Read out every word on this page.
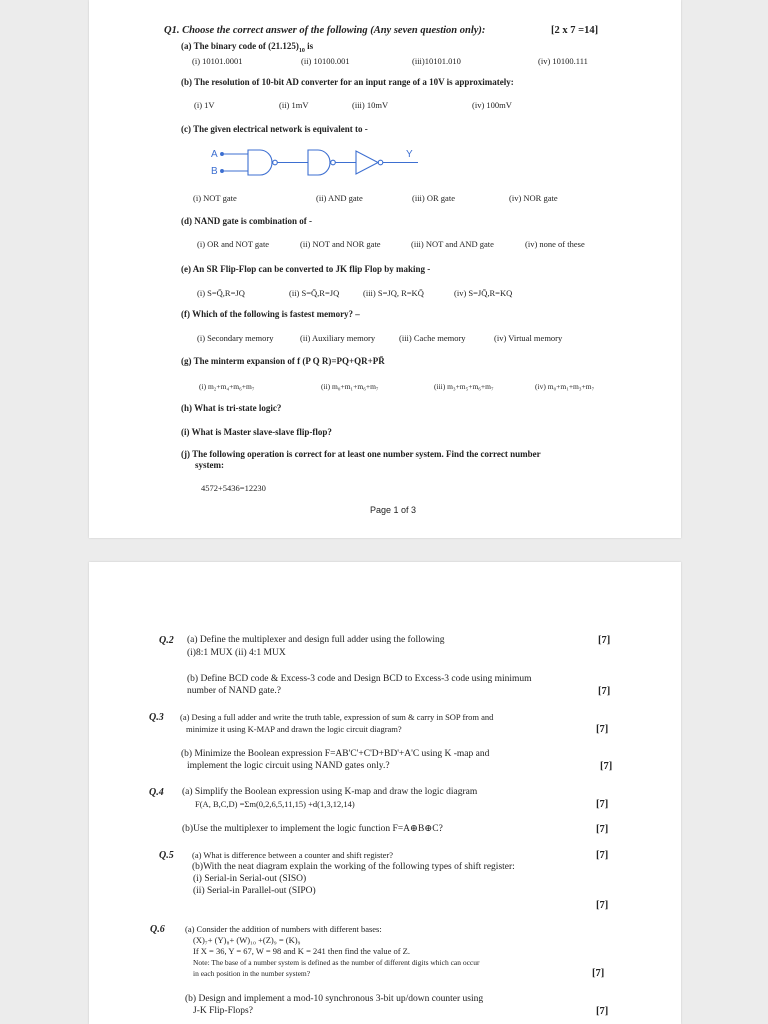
Q1. Choose the correct answer of the following (Any seven question only):	[2 x 7 =14]
(a) The binary code of $(21.125)_{10}$ is
(i) 10101.0001	(ii) 10100.001	(iii)10101.010	(iv) 10100.111
(b) The resolution of 10-bit AD converter for an input range of a 10V is approximately:
(i) 1V	(ii) 1mV	(iii) 10mV	(iv) 100mV
(c) The given electrical network is equivalent to -
A
B
Y
(i) NOT gate	(ii) AND gate	(iii) OR gate	(iv) NOR gate
(d) NAND gate is combination of -
(i) OR and NOT gate	(ii) NOT and NOR gate	(iii) NOT and AND gate	(iv) none of these
(e) An SR Flip-Flop can be converted to JK flip Flop by making -
(i) S=Q̄,R=JQ	(ii) S=Q̄,R=JQ	(iii) S=JQ, R=KQ̄	(iv) S=JQ̄,R=KQ
(f) Which of the following is fastest memory? –
(i) Secondary memory	(ii) Auxiliary memory	(iii) Cache memory	(iv) Virtual memory
(g) The minterm expansion of f (P Q R)=PQ+QR+PR̄
(i) m₂+m₄+m₆+m₇	(ii) m₀+m₁+m₆+m₇	(iii) m₃+m₅+m₆+m₇	(iv) m₀+m₁+m₃+m₇
(h) What is tri-state logic?
(i) What is Master slave-slave flip-flop?
(j) The following operation is correct for at least one number system. Find the correct number
system:
4572+5436=12230
Page 1 of 3
Q.2 (a) Define the multiplexer and design full adder using the following	[7]
(i)8:1 MUX (ii) 4:1 MUX
(b) Define BCD code & Excess-3 code and Design BCD to Excess-3 code using minimum
number of NAND gate.?	[7]
Q.3 (a) Desing a full adder and write the truth table, expression of sum & carry in SOP from and
minimize it using K-MAP and drawn the logic circuit diagram?	[7]
(b) Minimize the Boolean expression F=AB'C'+C'D+BD'+A'C using K -map and
implement the logic circuit using NAND gates only.?	[7]
Q.4 (a) Simplify the Boolean expression using K-map and draw the logic diagram
F(A, B,C,D) =Σm(0,2,6,5,11,15) +d(1,3,12,14)	[7]
(b)Use the multiplexer to implement the logic function F=A⊕B⊕C?	[7]
Q.5 (a) What is difference between a counter and shift register?	[7]
(b)With the neat diagram explain the working of the following types of shift register:
(i) Serial-in Serial-out (SISO)
(ii) Serial-in Parallel-out (SIPO)
[7]
Q.6 (a) Consider the addition of numbers with different bases:
(X)₇+ (Y)₈+ (W)₁₀ +(Z)₉ = (K)₉
If X = 36, Y = 67, W = 98 and K = 241 then find the value of Z.
Note: The base of a number system is defined as the number of different digits which can occur
in each position in the number system?	[7]
(b) Design and implement a mod-10 synchronous 3-bit up/down counter using
J-K Flip-Flops?	[7]
